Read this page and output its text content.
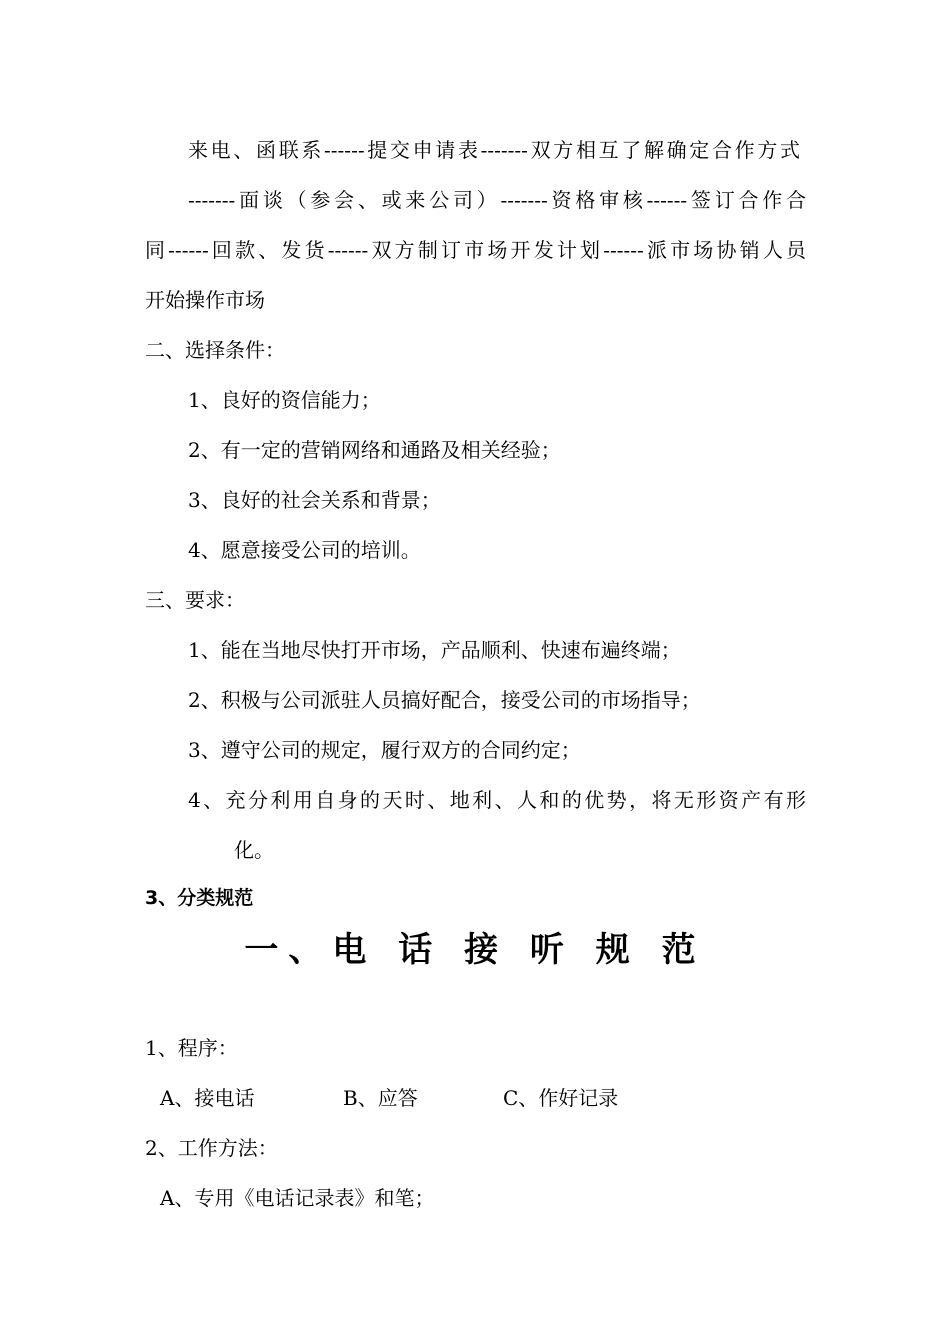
来电、函联系------提交申请表-------双方相互了解确定合作方式
-------面谈（参会、或来公司）-------资格审核------签订合作合
同------回款、发货------双方制订市场开发计划------派市场协销人员
开始操作市场
二、选择条件：
1、良好的资信能力；
2、有一定的营销网络和通路及相关经验；
3、良好的社会关系和背景；
4、愿意接受公司的培训。
三、要求：
1、能在当地尽快打开市场，产品顺利、快速布遍终端；
2、积极与公司派驻人员搞好配合，接受公司的市场指导；
3、遵守公司的规定，履行双方的合同约定；
4、充分利用自身的天时、地利、人和的优势，将无形资产有形
化。
3、分类规范
一、电 话 接 听 规 范
1、程序：
A、接电话	B、应答	C、作好记录
2、工作方法：
A、专用《电话记录表》和笔；
